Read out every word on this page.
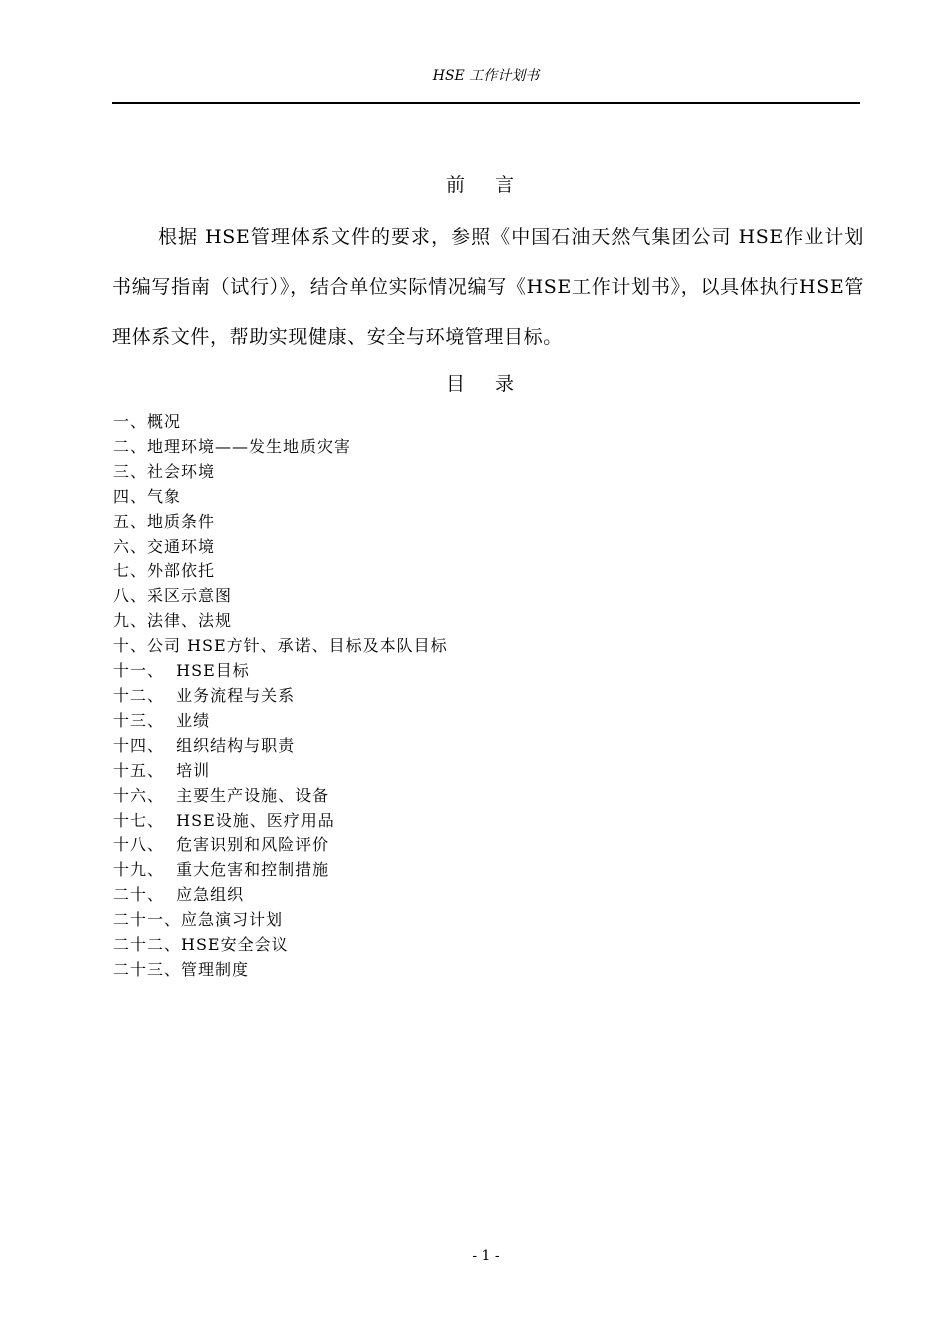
HSE 工作计划书
前 言

根据 HSE管理体系文件的要求，参照《中国石油天然气集团公司 HSE作业计划书编写指南（试行）》，结合单位实际情况编写《HSE工作计划书》，以具体执行HSE管理体系文件，帮助实现健康、安全与环境管理目标。

目 录
一、概况
二、地理环境——发生地质灾害
三、社会环境
四、气象
五、地质条件
六、交通环境
七、外部依托
八、采区示意图
九、法律、法规
十、公司 HSE方针、承诺、目标及本队目标
十一、  HSE目标
十二、  业务流程与关系
十三、  业绩
十四、  组织结构与职责
十五、  培训
十六、  主要生产设施、设备
十七、  HSE设施、医疗用品
十八、  危害识别和风险评价
十九、  重大危害和控制措施
二十、  应急组织
二十一、应急演习计划
二十二、HSE安全会议
二十三、管理制度
- 1 -
